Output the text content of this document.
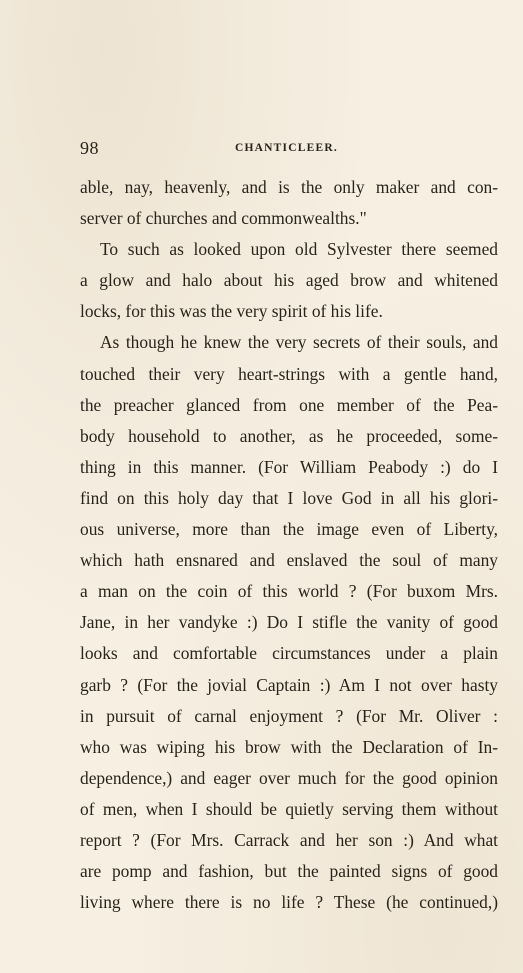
98	CHANTICLEER.
able, nay, heavenly, and is the only maker and con-
server of churches and commonwealths."
To such as looked upon old Sylvester there seemed
a glow and halo about his aged brow and whitened
locks, for this was the very spirit of his life.
As though he knew the very secrets of their souls, and
touched their very heart-strings with a gentle hand,
the preacher glanced from one member of the Pea-
body household to another, as he proceeded, some-
thing in this manner. (For William Peabody :) do I
find on this holy day that I love God in all his glori-
ous universe, more than the image even of Liberty,
which hath ensnared and enslaved the soul of many
a man on the coin of this world ? (For buxom Mrs.
Jane, in her vandyke :) Do I stifle the vanity of good
looks and comfortable circumstances under a plain
garb ? (For the jovial Captain :) Am I not over hasty
in pursuit of carnal enjoyment ? (For Mr. Oliver :
who was wiping his brow with the Declaration of In-
dependence,) and eager over much for the good opinion
of men, when I should be quietly serving them without
report ? (For Mrs. Carrack and her son :) And what
are pomp and fashion, but the painted signs of good
living where there is no life ? These (he continued,)
